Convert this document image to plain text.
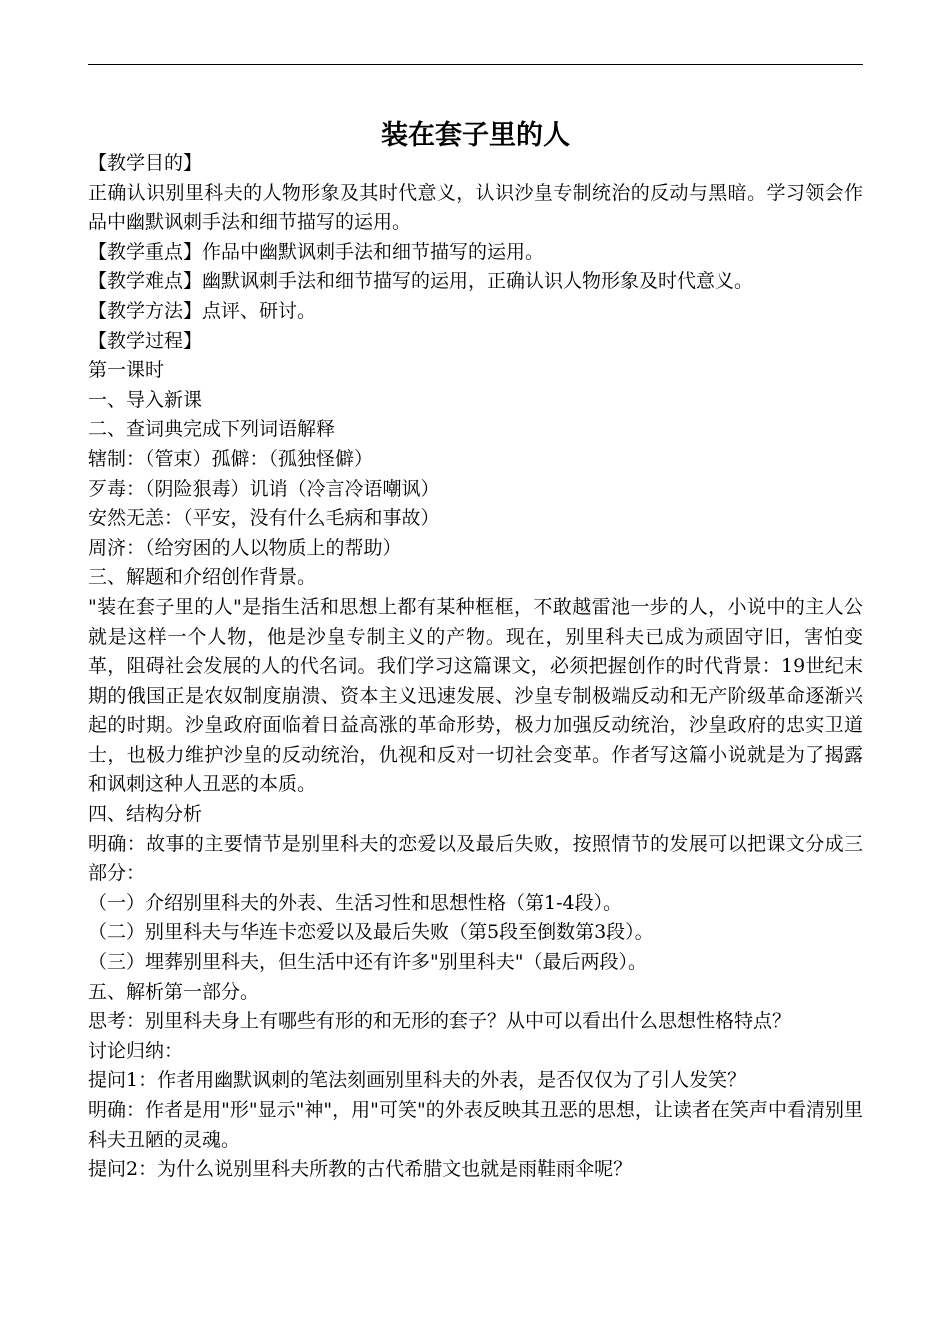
装在套子里的人

【教学目的】

正确认识别里科夫的人物形象及其时代意义，认识沙皇专制统治的反动与黑暗。学习领会作品中幽默讽刺手法和细节描写的运用。

【教学重点】作品中幽默讽刺手法和细节描写的运用。

【教学难点】幽默讽刺手法和细节描写的运用，正确认识人物形象及时代意义。

【教学方法】点评、研讨。

【教学过程】

第一课时

一、导入新课

二、查词典完成下列词语解释

辖制：（管束）孤僻：（孤独怪僻）

歹毒：（阴险狠毒）讥诮（冷言冷语嘲讽）

安然无恙：（平安，没有什么毛病和事故）

周济：（给穷困的人以物质上的帮助）

三、解题和介绍创作背景。

"装在套子里的人"是指生活和思想上都有某种框框，不敢越雷池一步的人，小说中的主人公就是这样一个人物，他是沙皇专制主义的产物。现在，别里科夫已成为顽固守旧，害怕变革，阻碍社会发展的人的代名词。我们学习这篇课文，必须把握创作的时代背景：19世纪末期的俄国正是农奴制度崩溃、资本主义迅速发展、沙皇专制极端反动和无产阶级革命逐渐兴起的时期。沙皇政府面临着日益高涨的革命形势，极力加强反动统治，沙皇政府的忠实卫道士，也极力维护沙皇的反动统治，仇视和反对一切社会变革。作者写这篇小说就是为了揭露和讽刺这种人丑恶的本质。

四、结构分析

明确：故事的主要情节是别里科夫的恋爱以及最后失败，按照情节的发展可以把课文分成三部分：

（一）介绍别里科夫的外表、生活习性和思想性格（第1-4段）。

（二）别里科夫与华连卡恋爱以及最后失败（第5段至倒数第3段）。

（三）埋葬别里科夫，但生活中还有许多"别里科夫"（最后两段）。

五、解析第一部分。

思考：别里科夫身上有哪些有形的和无形的套子？从中可以看出什么思想性格特点？

讨论归纳：

提问1：作者用幽默讽刺的笔法刻画别里科夫的外表，是否仅仅为了引人发笑？

明确：作者是用"形"显示"神"，用"可笑"的外表反映其丑恶的思想，让读者在笑声中看清别里科夫丑陋的灵魂。

提问2：为什么说别里科夫所教的古代希腊文也就是雨鞋雨伞呢？
